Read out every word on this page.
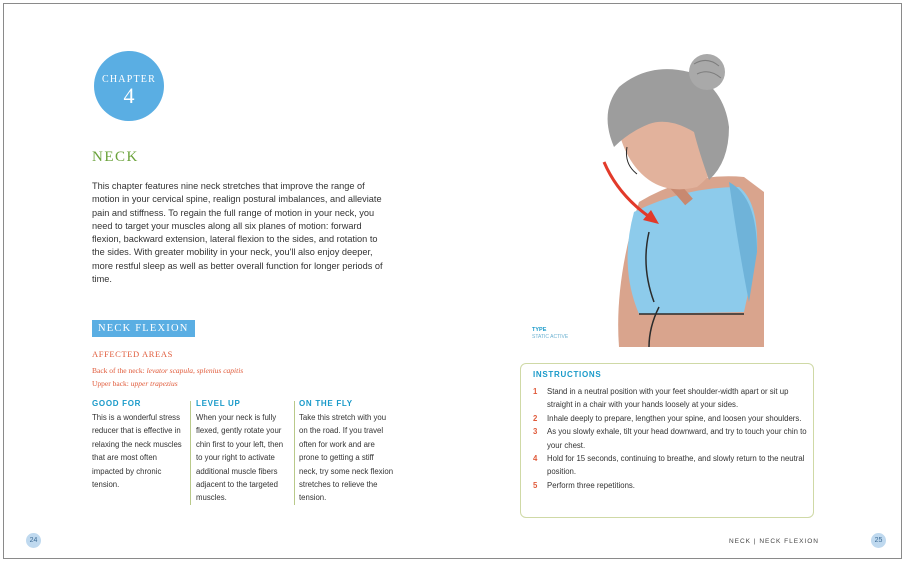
CHAPTER
4
NECK

This chapter features nine neck stretches that improve the range of motion in your cervical spine, realign postural imbalances, and alleviate pain and stiffness. To regain the full range of motion in your neck, you need to target your muscles along all six planes of motion: forward flexion, backward extension, lateral flexion to the sides, and rotation to the sides. With greater mobility in your neck, you'll also enjoy deeper, more restful sleep as well as better overall function for longer periods of time.

NECK FLEXION
AFFECTED AREAS
Back of the neck: levator scapula, splenius capitis
Upper back: upper trapezius
GOOD FOR

This is a wonderful stress reducer that is effective in relaxing the neck muscles that are most often impacted by chronic tension.

LEVEL UP

When your neck is fully flexed, gently rotate your chin first to your left, then to your right to activate additional muscle fibers adjacent to the targeted muscles.

ON THE FLY

Take this stretch with you on the road. If you travel often for work and are prone to getting a stiff neck, try some neck flexion stretches to relieve the tension.

24
TYPE
STATIC ACTIVE
INSTRUCTIONS
1 Stand in a neutral position with your feet shoulder-width apart or sit up straight in a chair with your hands loosely at your sides.
2 Inhale deeply to prepare, lengthen your spine, and loosen your shoulders.
3 As you slowly exhale, tilt your head downward, and try to touch your chin to your chest.
4 Hold for 15 seconds, continuing to breathe, and slowly return to the neutral position.
5 Perform three repetitions.
NECK | NECK FLEXION	25
